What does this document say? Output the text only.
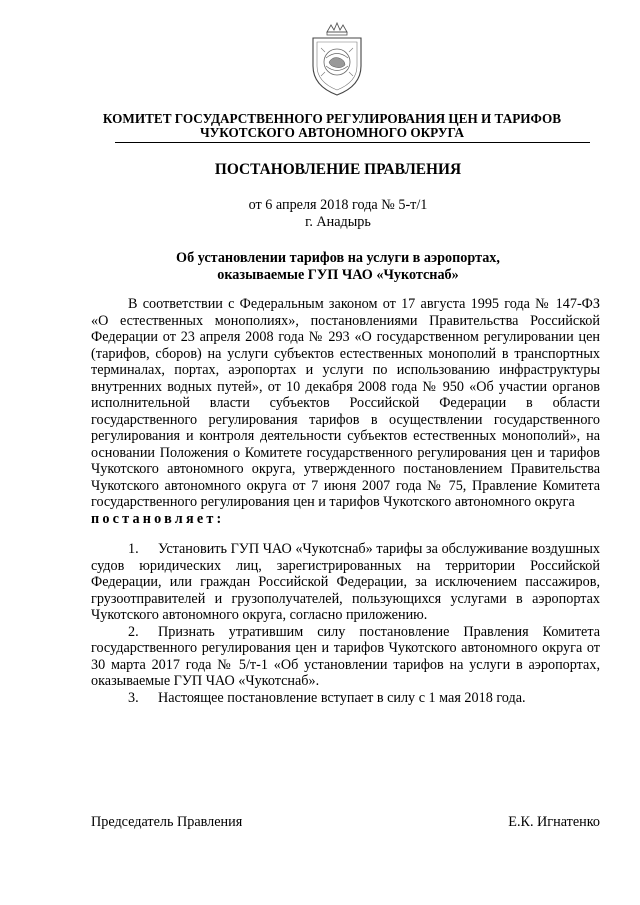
КОМИТЕТ ГОСУДАРСТВЕННОГО РЕГУЛИРОВАНИЯ ЦЕН И ТАРИФОВ
ЧУКОТСКОГО АВТОНОМНОГО ОКРУГА
ПОСТАНОВЛЕНИЕ ПРАВЛЕНИЯ
от 6 апреля 2018 года № 5-т/1
г. Анадырь
Об установлении тарифов на услуги в аэропортах,
оказываемые ГУП ЧАО «Чукотснаб»

В соответствии с Федеральным законом от 17 августа 1995 года № 147-ФЗ «О естественных монополиях», постановлениями Правительства Российской Федерации от 23 апреля 2008 года № 293 «О государственном регулировании цен (тарифов, сборов) на услуги субъектов естественных монополий в транспортных терминалах, портах, аэропортах и услуги по использованию инфраструктуры внутренних водных путей», от 10 декабря 2008 года № 950 «Об участии органов исполнительной власти субъектов Российской Федерации в области государственного регулирования тарифов в осуществлении государственного регулирования и контроля деятельности субъектов естественных монополий», на основании Положения о Комитете государственного регулирования цен и тарифов Чукотского автономного округа, утвержденного постановлением Правительства Чукотского автономного округа от 7 июня 2007 года № 75, Правление Комитета государственного регулирования цен и тарифов Чукотского автономного округа

постановляет:

1. Установить ГУП ЧАО «Чукотснаб» тарифы за обслуживание воздушных судов юридических лиц, зарегистрированных на территории Российской Федерации, или граждан Российской Федерации, за исключением пассажиров, грузоотправителей и грузополучателей, пользующихся услугами в аэропортах Чукотского автономного округа, согласно приложению.

2. Признать утратившим силу постановление Правления Комитета государственного регулирования цен и тарифов Чукотского автономного округа от 30 марта 2017 года № 5/т-1 «Об установлении тарифов на услуги в аэропортах, оказываемые ГУП ЧАО «Чукотснаб».

3. Настоящее постановление вступает в силу с 1 мая 2018 года.

Председатель Правления	Е.К. Игнатенко
